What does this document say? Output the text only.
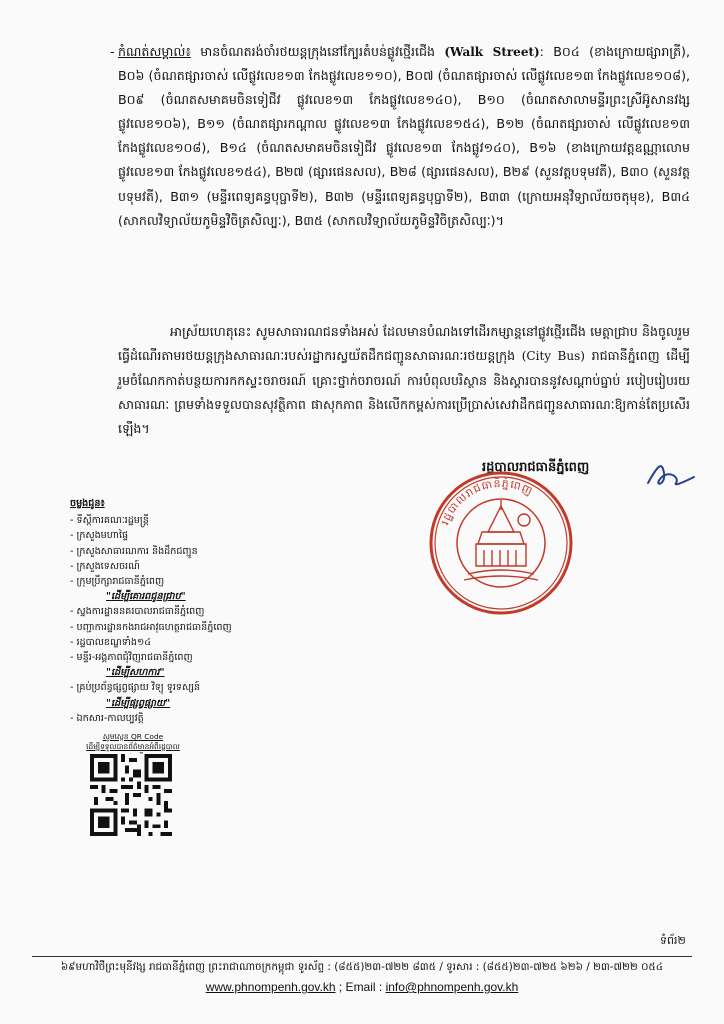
- កំណត់សម្គាល់៖ មានចំណតរង់ចាំរថយន្តក្រុងនៅក្បែរតំបន់ផ្លូវថ្មើរជើង (Walk Street): B០៤ (ខាងក្រោយផ្សារាត្រី), B០៦ (ចំណតផ្សារចាស់ លើផ្លូវលេខ១៣ កែងផ្លូវលេខ១១០), B០៧ (ចំណតផ្សារចាស់ លើផ្លូវលេខ១៣ កែងផ្លូវលេខ១០៨), B០៩ (ចំណតសមាគមចិនទៀជីវ ផ្លូវលេខ១៣ កែងផ្លូវលេខ១៤០), B១០ (ចំណតសាលាមន្ទីរព្រះស្រីអ៊ូសានវង្ស ផ្លូវលេខ១០៦), B១១ (ចំណតផ្សារកណ្ដាល ផ្លូវលេខ១៣ កែងផ្លូវលេខ១៥៤), B១២ (ចំណតផ្សារចាស់ លើផ្លូវលេខ១៣ កែងផ្លូវលេខ១០៨), B១៤ (ចំណតសមាគមចិនទៀជីវ ផ្លូវលេខ១៣ កែងផ្លូវ១៤០), B១៦ (ខាងក្រោយវត្តឧណ្ណាលោម ផ្លូវលេខ១៣ កែងផ្លូវលេខ១៥៤), B២៧ (ផ្សារផេនសល), B២៨ (ផ្សារផេនសល), B២៩ (សួនវត្តបទុមវតី), B៣០ (សួនវត្តបទុមវតី), B៣១ (មន្ទីរពេទ្យគន្ធបុប្ផាទី២), B៣២ (មន្ទីរពេទ្យគន្ធបុប្ផាទី២), B៣៣ (ក្រោយអនុវិទ្យាល័យចតុមុខ), B៣៤ (សាកលវិទ្យាល័យភូមិន្ទវិចិត្រសិល្បៈ), B៣៥ (សាកលវិទ្យាល័យភូមិន្ទវិចិត្រសិល្បៈ)។
អាស្រ័យហេតុនេះ សូមសាធារណជនទាំងអស់ ដែលមានបំណងទៅដើរកម្សាន្តនៅផ្លូវថ្មើរជើង មេត្តាជ្រាប និងចូលរួមធ្វើដំណើរតាមរថយន្តក្រុងសាធារណៈរបស់រដ្ឋាករស្វយ័តដឹកជញ្ជូនសាធារណៈរថយន្តក្រុង (City Bus) រាជធានីភ្នំពេញ ដើម្បីរួមចំណែកកាត់បន្ថយការកកស្ទះចរាចរណ៍ គ្រោះថ្នាក់ចរាចរណ៍ ការបំពុលបរិស្ថាន និងស្តារបាននូវសណ្តាប់ធ្នាប់ របៀបរៀបរយសាធារណៈ ព្រមទាំងទទួលបានសុវត្ថិភាព ផាសុកភាព និងលើកកម្ពស់ការប្រើប្រាស់សេវាដឹកជញ្ជូនសាធារណៈឱ្យកាន់តែប្រសើរឡើង។
រដ្ឋបាលរាជធានីភ្នំពេញ
រដ្ឋបាលរាជធានីភ្នំពេញ
ចម្លងជូន៖
- ទីស្តីការគណៈរដ្ឋមន្ត្រី
- ក្រសួងមហាផ្ទៃ
- ក្រសួងសាធារណការ និងដឹកជញ្ជូន
- ក្រសួងទេសចរណ៍
- ក្រុមប្រឹក្សារាជធានីភ្នំពេញ
"ដើម្បីគោរពជូនជ្រាប"
- ស្នងការដ្ឋាននគរបាលរាជធានីភ្នំពេញ
- បញ្ជាការដ្ឋានកងរាជអាវុធហត្ថរាជធានីភ្នំពេញ
- រដ្ឋបាលខណ្ឌទាំង១៤
- មន្ទីរ-អង្គភាពជុំវិញរាជធានីភ្នំពេញ
"ដើម្បីសហការ"
- គ្រប់ប្រព័ន្ធផ្សព្វផ្សាយ វិទ្យុ ទូរទស្សន៍
"ដើម្បីផ្សព្វផ្សាយ"
- ឯកសារ-កាលប្បវត្តិ
សូមស្កេន QR Code
ដើម្បីទទួលបានព័ត៌មានអំពីរដ្ឋបាល
ទំព័រ២
៦៩មហាវិថីព្រះមុនីវង្ស រាជធានីភ្នំពេញ ព្រះរាជាណាចក្រកម្ពុជា ទូរស័ព្ទ : (៨៥៥)២៣-៧២២ ៨៣៥ / ទូរសារ : (៨៥៥)២៣-៧២៥ ៦២៦ / ២៣-៧២២ ០៥៤
www.phnompenh.gov.kh ; Email : info@phnompenh.gov.kh
